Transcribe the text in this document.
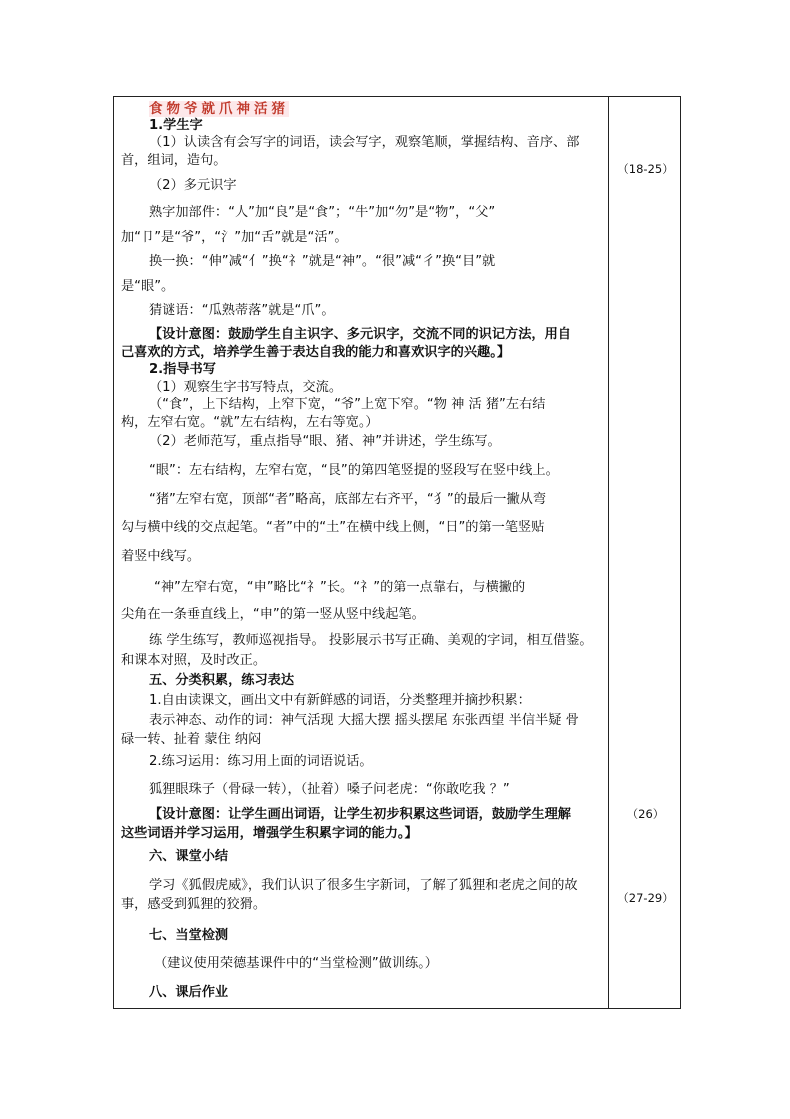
食物爷就爪神活猪
1.学生字
（1）认读含有会写字的词语，读会写字，观察笔顺，掌握结构、音序、部
首，组词，造句。
（2）多元识字
熟字加部件：“人”加“良”是“食”；“牛”加“勿”是“物”，“父”
加“卩”是“爷”，“氵”加“舌”就是“活”。
换一换：“伸”减“亻”换“礻”就是“神”。“很”减“彳”换“目”就
是“眼”。
猜谜语：“瓜熟蒂落”就是“爪”。
【设计意图：鼓励学生自主识字、多元识字，交流不同的识记方法，用自
己喜欢的方式，培养学生善于表达自我的能力和喜欢识字的兴趣。】
2.指导书写
（1）观察生字书写特点，交流。
（“食”，上下结构，上窄下宽，“爷”上宽下窄。“物 神 活 猪”左右结
构，左窄右宽。“就”左右结构，左右等宽。）
（2）老师范写，重点指导“眼、猪、神”并讲述，学生练写。
“眼”：左右结构，左窄右宽，“艮”的第四笔竖提的竖段写在竖中线上。
“猪”左窄右宽，顶部“者”略高，底部左右齐平，“犭”的最后一撇从弯
勾与横中线的交点起笔。“者”中的“土”在横中线上侧，“日”的第一笔竖贴
着竖中线写。
“神”左窄右宽，“申”略比“礻”长。“礻”的第一点靠右，与横撇的
尖角在一条垂直线上，“申”的第一竖从竖中线起笔。
练 学生练写，教师巡视指导。 投影展示书写正确、美观的字词，相互借鉴。
和课本对照，及时改正。
五、分类积累，练习表达
1.自由读课文，画出文中有新鲜感的词语，分类整理并摘抄积累：
表示神态、动作的词：神气活现 大摇大摆 摇头摆尾 东张西望 半信半疑 骨
碌一转、扯着 蒙住 纳闷
2.练习运用：练习用上面的词语说话。
狐狸眼珠子（骨碌一转），（扯着）嗓子问老虎：“你敢吃我 ？”
【设计意图：让学生画出词语，让学生初步积累这些词语，鼓励学生理解
这些词语并学习运用，增强学生积累字词的能力。】
六、课堂小结
学习《狐假虎威》，我们认识了很多生字新词，了解了狐狸和老虎之间的故
事，感受到狐狸的狡猾。
七、当堂检测
（建议使用荣德基课件中的“当堂检测”做训练。）
八、课后作业
（18-25）
（26）
（27-29）
